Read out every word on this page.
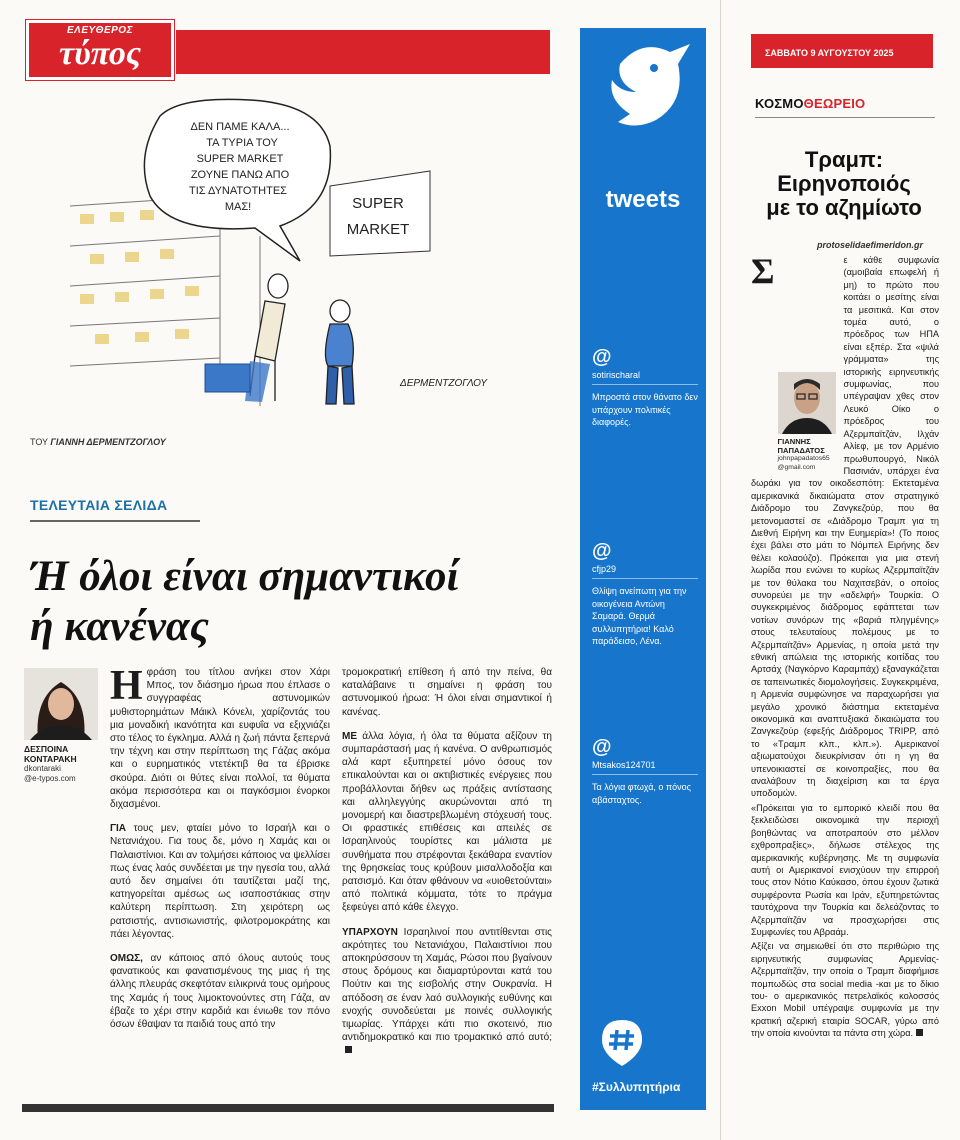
ΕΛΕΥΘΕΡΟΣ
τύπος
ΔΕΝ ΠΑΜΕ ΚΑΛΑ...
ΤΑ ΤΥΡΙΑ ΤΟΥ
SUPER MARKET
ΖΟΥΝΕ ΠΑΝΩ ΑΠΟ
ΤΙΣ ΔΥΝΑΤΟΤΗΤΕΣ
ΜΑΣ!	SUPER
MARKET
ΔΕΡΜΕΝΤΖΟΓΛΟΥ
ΤΟΥ ΓΙΑΝΝΗ ΔΕΡΜΕΝΤΖΟΓΛΟΥ
ΤΕΛΕΥΤΑΙΑ ΣΕΛΙΔΑ
Ή όλοι είναι σημαντικοί
ή κανένας
ΔΕΣΠΟΙΝΑ
ΚΟΝΤΑΡΑΚΗ
dkontaraki
@e-typos.com

Ηφράση του τίτλου ανήκει στον Χάρι Μπος, τον διάσημο ήρωα που έπλασε ο συγγραφέας αστυνομικών μυθιστορημάτων Μάικλ Κόνελι, χαρίζοντάς του μια μοναδική ικανότητα και ευφυΐα να εξιχνιάζει στο τέλος το έγκλημα. Αλλά η ζωή πάντα ξεπερνά την τέχνη και στην περίπτωση της Γάζας ακόμα και ο ευρηματικός ντετέκτιβ θα τα έβρισκε σκούρα. Διότι οι θύτες είναι πολλοί, τα θύματα ακόμα περισσότερα και οι παγκόσμιοι ένορκοι διχασμένοι.

ΓΙΑ τους μεν, φταίει μόνο το Ισραήλ και ο Νετανιάχου. Για τους δε, μόνο η Χαμάς και οι Παλαιστίνιοι. Και αν τολμήσει κάποιος να ψελλίσει πως ένας λαός συνδέεται με την ηγεσία του, αλλά αυτό δεν σημαίνει ότι ταυτίζεται μαζί της, κατηγορείται αμέσως ως ισαποστάκιας στην καλύτερη περίπτωση. Στη χειρότερη ως ρατσιστής, αντισιωνιστής, φιλοτρομοκράτης και πάει λέγοντας.

ΟΜΩΣ, αν κάποιος από όλους αυτούς τους φανατικούς και φανατισμένους της μιας ή της άλλης πλευράς σκεφτόταν ειλικρινά τους ομήρους της Χαμάς ή τους λιμοκτονούντες στη Γάζα, αν έβαζε το χέρι στην καρδιά και ένιωθε τον πόνο όσων έθαψαν τα παιδιά τους από την

τρομοκρατική επίθεση ή από την πείνα, θα καταλάβαινε τι σημαίνει η φράση του αστυνομικού ήρωα: Ή όλοι είναι σημαντικοί ή κανένας.

ΜΕ άλλα λόγια, ή όλα τα θύματα αξίζουν τη συμπαράστασή μας ή κανένα. Ο ανθρωπισμός αλά καρτ εξυπηρετεί μόνο όσους τον επικαλούνται και οι ακτιβιστικές ενέργειες που προβάλλονται δήθεν ως πράξεις αντίστασης και αλληλεγγύης ακυρώνονται από τη μονομερή και διαστρεβλωμένη στόχευσή τους. Οι φραστικές επιθέσεις και απειλές σε Ισραηλινούς τουρίστες και μάλιστα με συνθήματα που στρέφονται ξεκάθαρα εναντίον της θρησκείας τους κρύβουν μισαλλοδοξία και ρατσισμό. Και όταν φθάνουν να «υιοθετούνται» από πολιτικά κόμματα, τότε το πράγμα ξεφεύγει από κάθε έλεγχο.

ΥΠΑΡΧΟΥΝ Ισραηλινοί που αντιτίθενται στις ακρότητες του Νετανιάχου, Παλαιστίνιοι που αποκηρύσσουν τη Χαμάς, Ρώσοι που βγαίνουν στους δρόμους και διαμαρτύρονται κατά του Πούτιν και της εισβολής στην Ουκρανία. Η απόδοση σε έναν λαό συλλογικής ευθύνης και ενοχής συνοδεύεται με ποινές συλλογικής τιμωρίας. Υπάρχει κάτι πιο σκοτεινό, πιο αντιδημοκρατικό και πιο τρομακτικό από αυτό;

tweets
@
sotirischaral
Μπροστά στον θάνατο δεν υπάρχουν πολιτικές διαφορές.
@
cfjp29
Θλίψη ανείπωτη για την οικογένεια Αντώνη Σαμαρά. Θερμά συλλυπητήρια! Καλό παράδεισο, Λένα.
@
Mtsakos124701
Τα λόγια φτωχά, ο πόνος αβάσταχτος.
#Συλλυπητήρια
ΣΑΒΒΑΤΟ 9 ΑΥΓΟΥΣΤΟΥ 2025
ΚΟΣΜΟΘΕΩΡΕΙΟ
Τραμπ:
Ειρηνοποιός
με το αζημίωτο
protoselidaefimeridon.gr

Σ
ΓΙΑΝΝΗΣ
ΠΑΠΑΔΑΤΟΣ
johnpapadatos65
@gmail.com
ε κάθε συμφωνία (αμοιβαία επωφελή ή μη) το πρώτο που κοιτάει ο μεσίτης είναι τα μεσιτικά. Και στον τομέα αυτό, ο πρόεδρος των ΗΠΑ είναι εξπέρ. Στα «ψιλά γράμματα» της ιστορικής ειρηνευτικής συμφωνίας, που υπέγραψαν χθες στον Λευκό Οίκο ο πρόεδρος του Αζερμπαϊτζάν, Ιλχάν Αλίεφ, με τον Αρμένιο πρωθυπουργό, Νικόλ Πασινιάν, υπάρχει ένα δωράκι για τον οικοδεσπότη: Εκτεταμένα αμερικανικά δικαιώματα στον στρατηγικό Διάδρομο του Ζανγκεζούρ, που θα μετονομαστεί σε «Διάδρομο Τραμπ για τη Διεθνή Ειρήνη και την Ευημερία»! (Το ποιος έχει βάλει στο μάτι το Νόμπελ Ειρήνης δεν θέλει κολαούζο). Πρόκειται για μια στενή λωρίδα που ενώνει το κυρίως Αζερμπαϊτζάν με τον θύλακα του Ναχιτσεβάν, ο οποίος συνορεύει με την «αδελφή» Τουρκία. Ο συγκεκριμένος διάδρομος εφάπτεται των νοτίων συνόρων της «βαριά πληγμένης» στους τελευταίους πολέμους με το Αζερμπαϊτζάν» Αρμενίας, η οποία μετά την εθνική απώλεια της ιστορικής κοιτίδας του Αρτσάχ (Ναγκόρνο Καραμπάχ) εξαναγκάζεται σε ταπεινωτικές διομολογήσεις. Συγκεκριμένα, η Αρμενία συμφώνησε να παραχωρήσει για μεγάλο χρονικό διάστημα εκτεταμένα οικονομικά και αναπτυξιακά δικαιώματα του Ζανγκεζούρ (εφεξής Διάδρομος TRIPP, από το «Τραμπ κλπ., κλπ.»). Αμερικανοί αξιωματούχοι διευκρίνισαν ότι η γη θα υπενοικιαστεί σε κοινοπραξίες, που θα αναλάβουν τη διαχείριση και τα έργα υποδομών.

«Πρόκειται για το εμπορικό κλειδί που θα ξεκλειδώσει οικονομικά την περιοχή βοηθώντας να αποτραπούν στο μέλλον εχθροπραξίες», δήλωσε στέλεχος της αμερικανικής κυβέρνησης. Με τη συμφωνία αυτή οι Αμερικανοί ενισχύουν την επιρροή τους στον Νότιο Καύκασο, όπου έχουν ζωτικά συμφέροντα Ρωσία και Ιράν, εξυπηρετώντας ταυτόχρονα την Τουρκία και δελεάζοντας το Αζερμπαϊτζάν να προσχωρήσει στις Συμφωνίες του Αβραάμ.

Αξίζει να σημειωθεί ότι στο περιθώριο της ειρηνευτικής συμφωνίας Αρμενίας-Αζερμπαϊτζάν, την οποία ο Τραμπ διαφήμισε πομπωδώς στα social media -και με το δίκιο του- ο αμερικανικός πετρελαϊκός κολοσσός Exxon Mobil υπέγραψε συμφωνία με την κρατική αζερική εταιρία SOCAR, γύρω από την οποία κινούνται τα πάντα στη χώρα.
